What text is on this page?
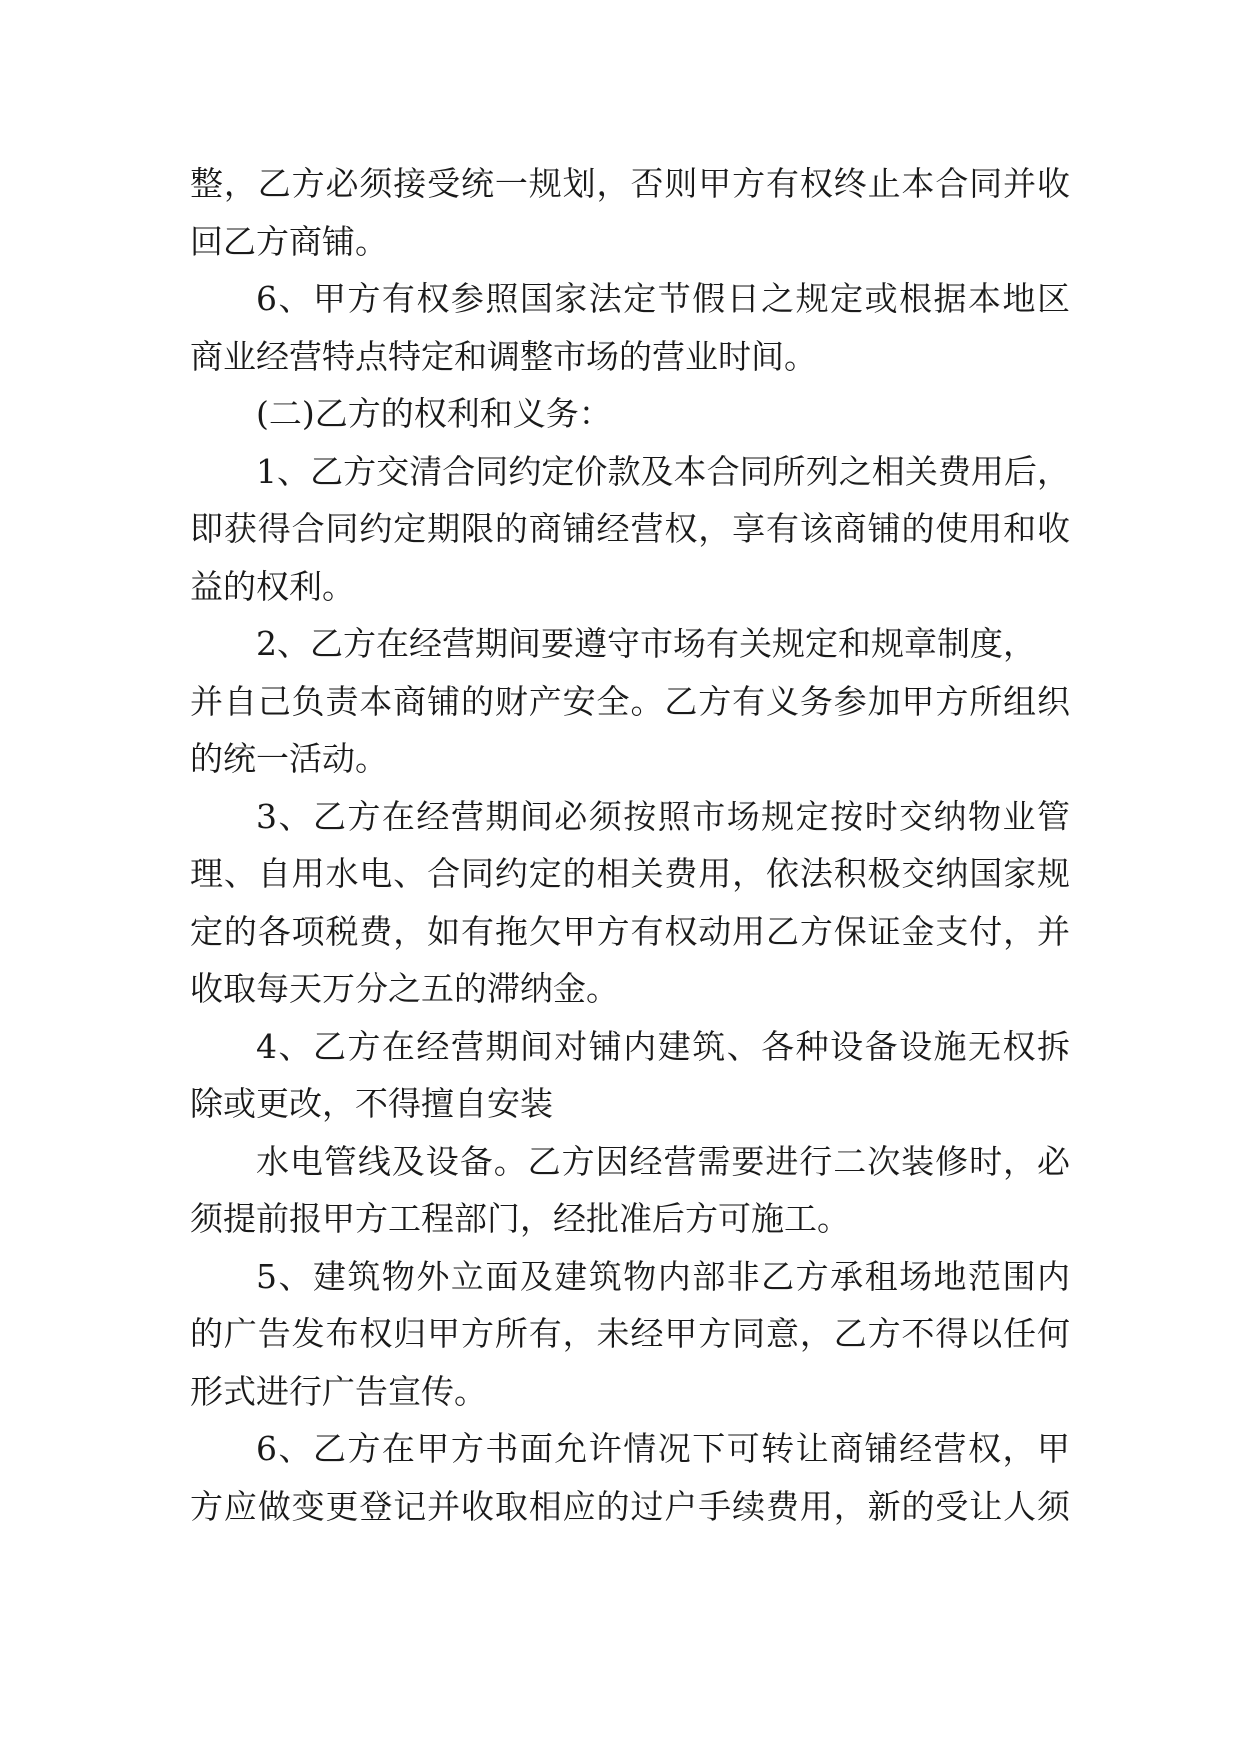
整，乙方必须接受统一规划，否则甲方有权终止本合同并收
回乙方商铺。
6、甲方有权参照国家法定节假日之规定或根据本地区
商业经营特点特定和调整市场的营业时间。
(二)乙方的权利和义务：
1、乙方交清合同约定价款及本合同所列之相关费用后，
即获得合同约定期限的商铺经营权，享有该商铺的使用和收
益的权利。
2、乙方在经营期间要遵守市场有关规定和规章制度，
并自己负责本商铺的财产安全。乙方有义务参加甲方所组织
的统一活动。
3、乙方在经营期间必须按照市场规定按时交纳物业管
理、自用水电、合同约定的相关费用，依法积极交纳国家规
定的各项税费，如有拖欠甲方有权动用乙方保证金支付，并
收取每天万分之五的滞纳金。
4、乙方在经营期间对铺内建筑、各种设备设施无权拆
除或更改，不得擅自安装
水电管线及设备。乙方因经营需要进行二次装修时，必
须提前报甲方工程部门，经批准后方可施工。
5、建筑物外立面及建筑物内部非乙方承租场地范围内
的广告发布权归甲方所有，未经甲方同意，乙方不得以任何
形式进行广告宣传。
6、乙方在甲方书面允许情况下可转让商铺经营权，甲
方应做变更登记并收取相应的过户手续费用，新的受让人须
